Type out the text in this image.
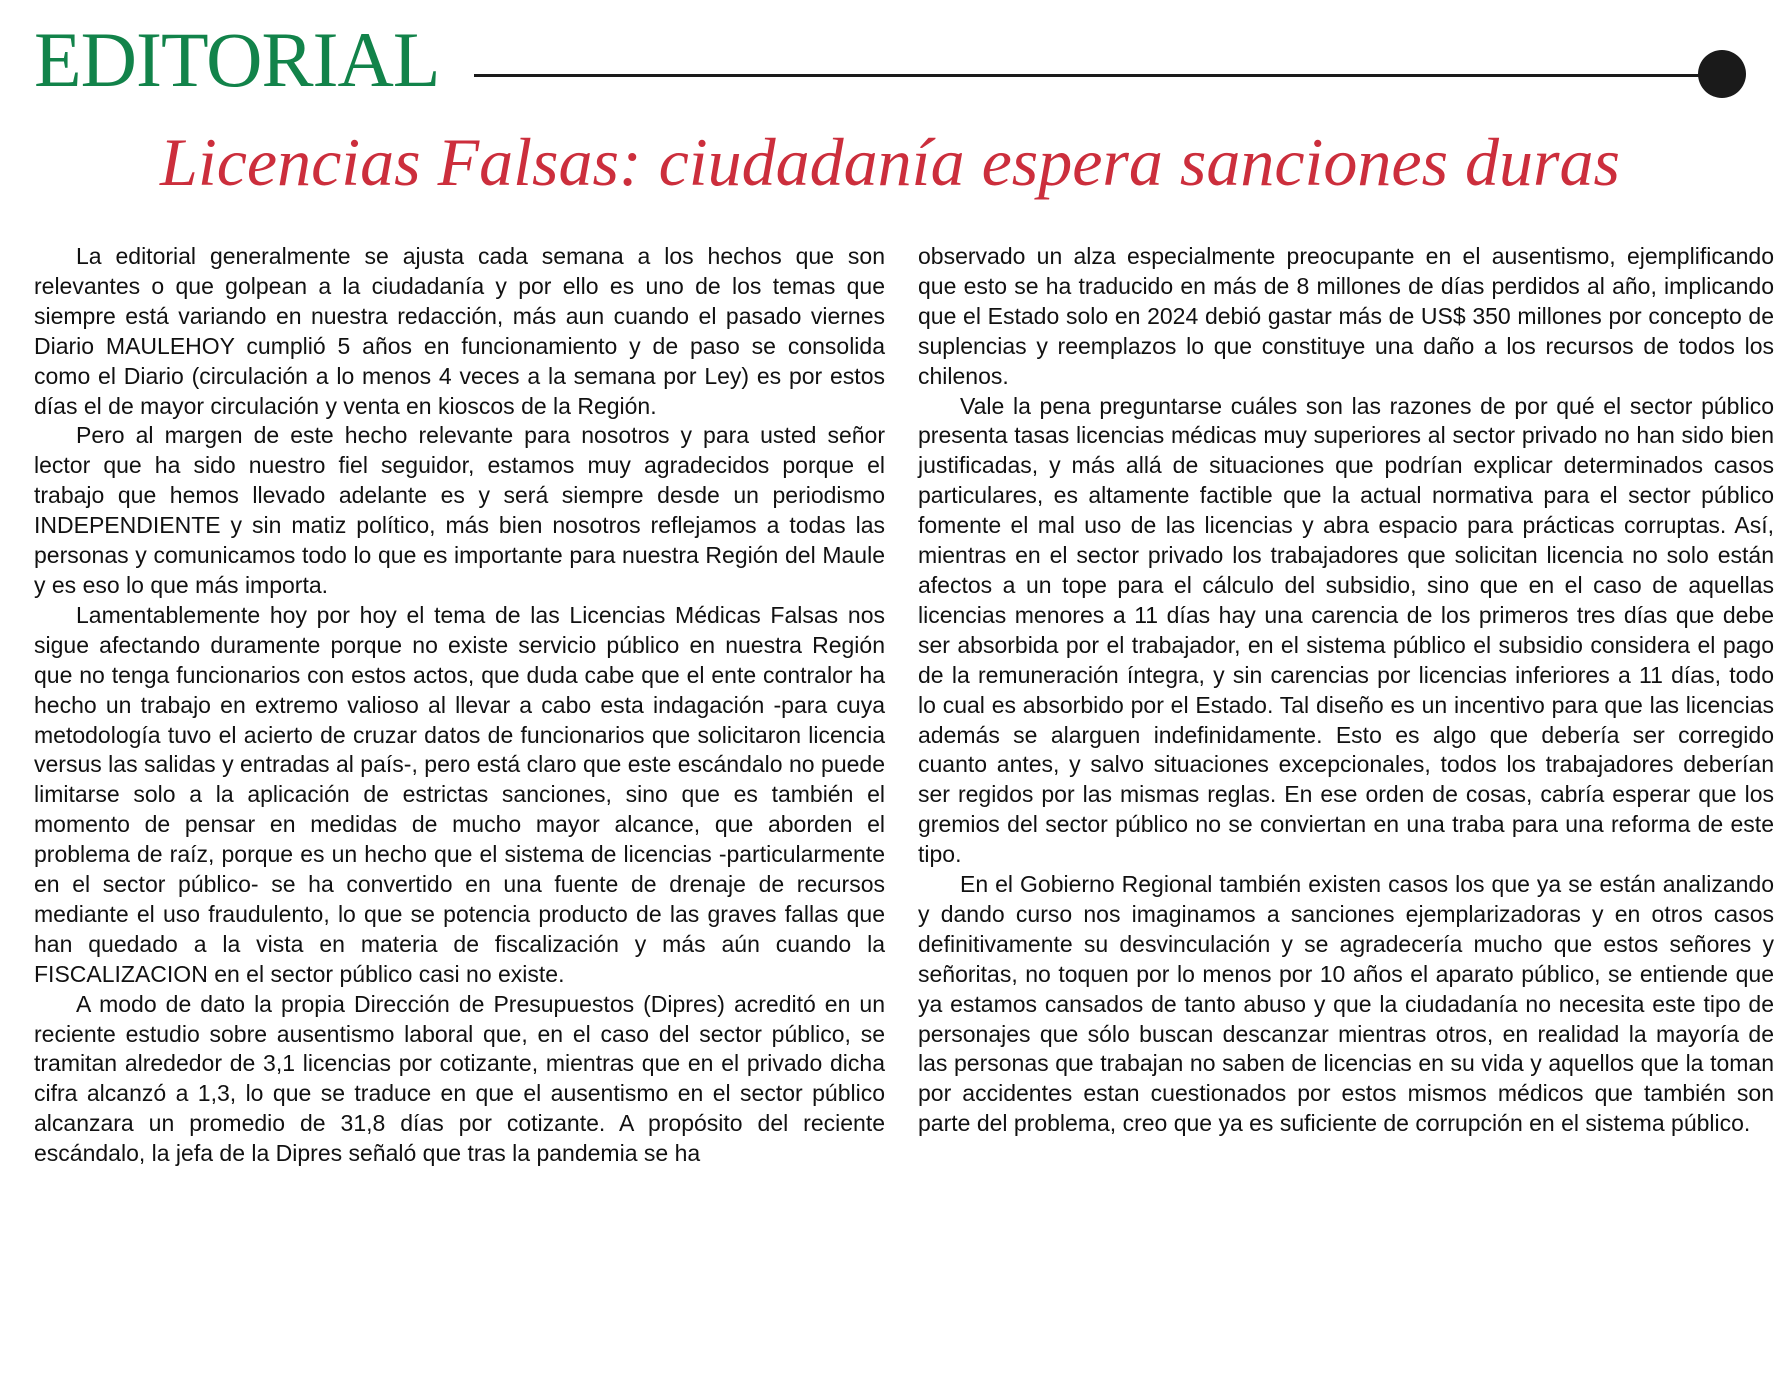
EDITORIAL
Licencias Falsas: ciudadanía espera sanciones duras

La editorial generalmente se ajusta cada semana a los hechos que son relevantes o que golpean a la ciudadanía y por ello es uno de los temas que siempre está variando en nuestra redacción, más aun cuando el pasado viernes Diario MAULEHOY cumplió 5 años en funcionamiento y de paso se consolida como el Diario (circulación a lo menos 4 veces a la semana por Ley) es por estos días el de mayor circulación y venta en kioscos de la Región.

Pero al margen de este hecho relevante para nosotros y para usted señor lector que ha sido nuestro fiel seguidor, estamos muy agradecidos porque el trabajo que hemos llevado adelante es y será siempre desde un periodismo INDEPENDIENTE y sin matiz político, más bien nosotros reflejamos a todas las personas y comunicamos todo lo que es importante para nuestra Región del Maule y es eso lo que más importa.

Lamentablemente hoy por hoy el tema de las Licencias Médicas Falsas nos sigue afectando duramente porque no existe servicio público en nuestra Región que no tenga funcionarios con estos actos, que duda cabe que el ente contralor ha hecho un trabajo en extremo valioso al llevar a cabo esta indagación -para cuya metodología tuvo el acierto de cruzar datos de funcionarios que solicitaron licencia versus las salidas y entradas al país-, pero está claro que este escándalo no puede limitarse solo a la aplicación de estrictas sanciones, sino que es también el momento de pensar en medidas de mucho mayor alcance, que aborden el problema de raíz, porque es un hecho que el sistema de licencias -particularmente en el sector público- se ha convertido en una fuente de drenaje de recursos mediante el uso fraudulento, lo que se potencia producto de las graves fallas que han quedado a la vista en materia de fiscalización y más aún cuando la FISCALIZACION en el sector público casi no existe.

A modo de dato la propia Dirección de Presupuestos (Dipres) acreditó en un reciente estudio sobre ausentismo laboral que, en el caso del sector público, se tramitan alrededor de 3,1 licencias por cotizante, mientras que en el privado dicha cifra alcanzó a 1,3, lo que se traduce en que el ausentismo en el sector público alcanzara un promedio de 31,8 días por cotizante. A propósito del reciente escándalo, la jefa de la Dipres señaló que tras la pandemia se ha

observado un alza especialmente preocupante en el ausentismo, ejemplificando que esto se ha traducido en más de 8 millones de días perdidos al año, implicando que el Estado solo en 2024 debió gastar más de US$ 350 millones por concepto de suplencias y reemplazos lo que constituye una daño a los recursos de todos los chilenos.

Vale la pena preguntarse cuáles son las razones de por qué el sector público presenta tasas licencias médicas muy superiores al sector privado no han sido bien justificadas, y más allá de situaciones que podrían explicar determinados casos particulares, es altamente factible que la actual normativa para el sector público fomente el mal uso de las licencias y abra espacio para prácticas corruptas. Así, mientras en el sector privado los trabajadores que solicitan licencia no solo están afectos a un tope para el cálculo del subsidio, sino que en el caso de aquellas licencias menores a 11 días hay una carencia de los primeros tres días que debe ser absorbida por el trabajador, en el sistema público el subsidio considera el pago de la remuneración íntegra, y sin carencias por licencias inferiores a 11 días, todo lo cual es absorbido por el Estado. Tal diseño es un incentivo para que las licencias además se alarguen indefinidamente. Esto es algo que debería ser corregido cuanto antes, y salvo situaciones excepcionales, todos los trabajadores deberían ser regidos por las mismas reglas. En ese orden de cosas, cabría esperar que los gremios del sector público no se conviertan en una traba para una reforma de este tipo.

En el Gobierno Regional también existen casos los que ya se están analizando y dando curso nos imaginamos a sanciones ejemplarizadoras y en otros casos definitivamente su desvinculación y se agradecería mucho que estos señores y señoritas, no toquen por lo menos por 10 años el aparato público, se entiende que ya estamos cansados de tanto abuso y que la ciudadanía no necesita este tipo de personajes que sólo buscan descanzar mientras otros, en realidad la mayoría de las personas que trabajan no saben de licencias en su vida y aquellos que la toman por accidentes estan cuestionados por estos mismos médicos que también son parte del problema, creo que ya es suficiente de corrupción en el sistema público.
